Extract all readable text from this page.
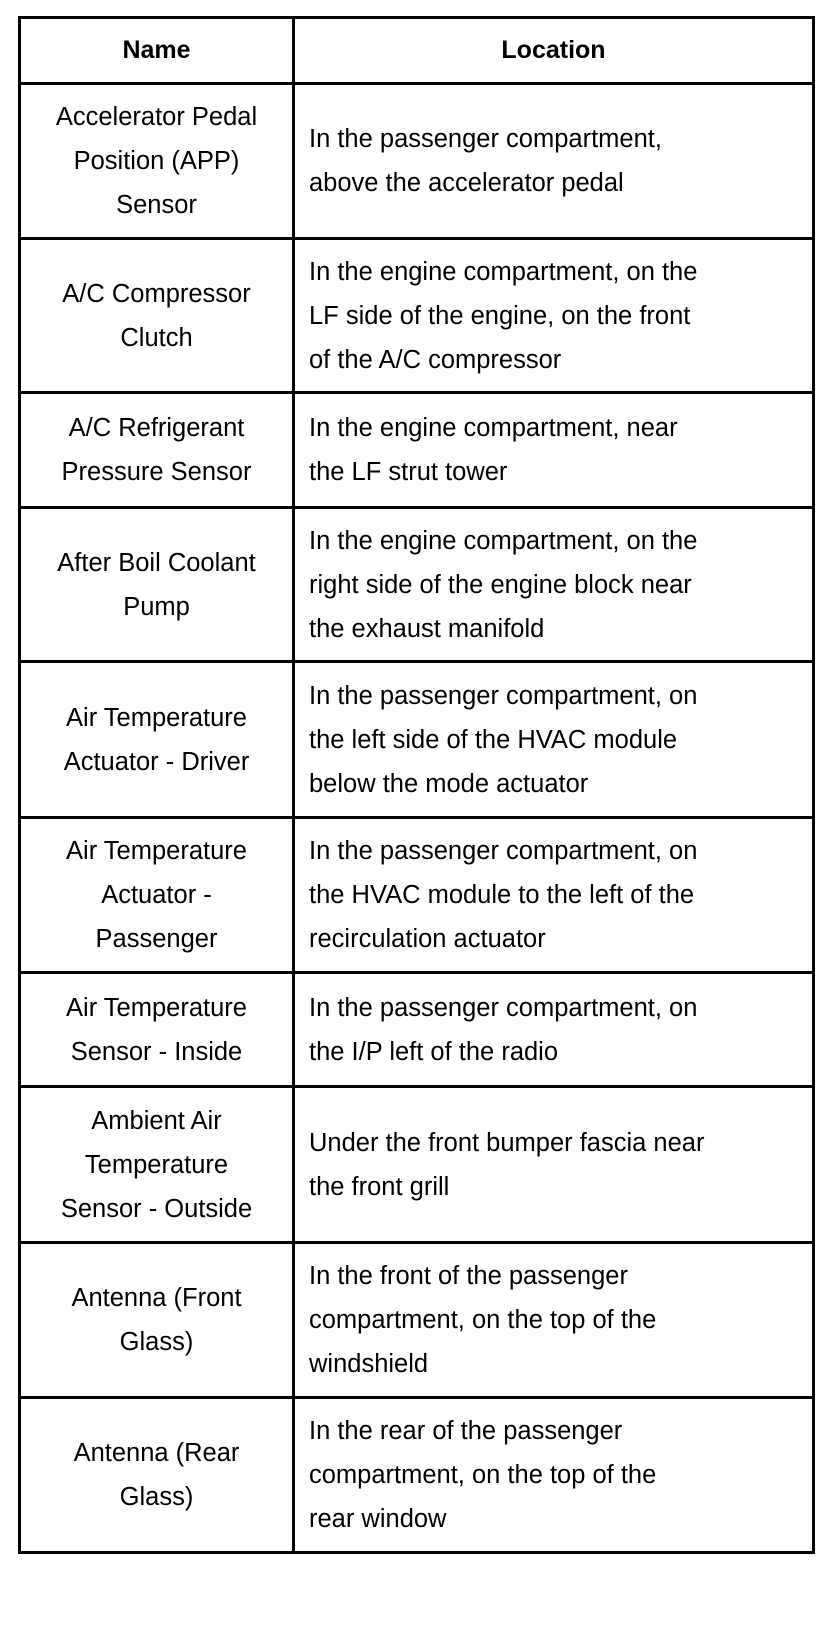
Name	Location

Accelerator Pedal
Position (APP)
Sensor	In the passenger compartment,
above the accelerator pedal

A/C Compressor
Clutch	In the engine compartment, on the
LF side of the engine, on the front
of the A/C compressor

A/C Refrigerant
Pressure Sensor	In the engine compartment, near
the LF strut tower

After Boil Coolant
Pump	In the engine compartment, on the
right side of the engine block near
the exhaust manifold

Air Temperature
Actuator - Driver	In the passenger compartment, on
the left side of the HVAC module
below the mode actuator

Air Temperature
Actuator -
Passenger	In the passenger compartment, on
the HVAC module to the left of the
recirculation actuator

Air Temperature
Sensor - Inside	In the passenger compartment, on
the I/P left of the radio

Ambient Air
Temperature
Sensor - Outside	Under the front bumper fascia near
the front grill

Antenna (Front
Glass)	In the front of the passenger
compartment, on the top of the
windshield

Antenna (Rear
Glass)	In the rear of the passenger
compartment, on the top of the
rear window
